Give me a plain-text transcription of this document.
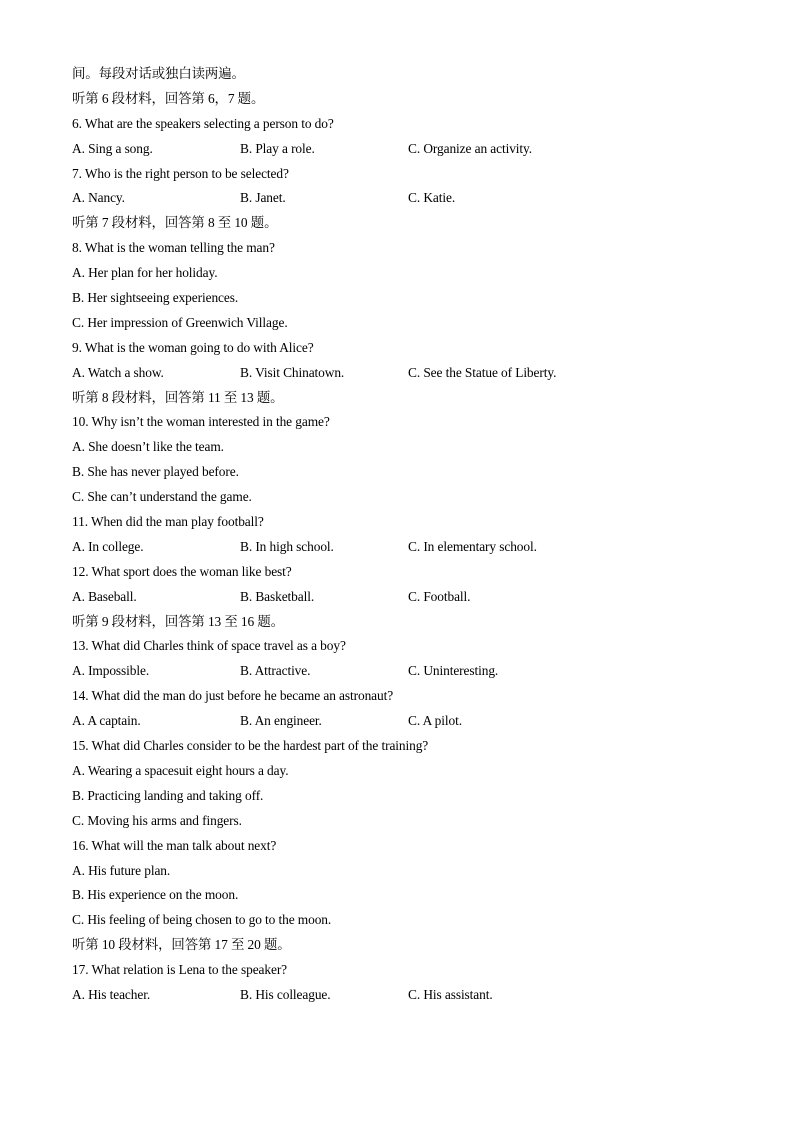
间。每段对话或独白读两遍。
听第 6 段材料，回答第 6，7 题。
6. What are the speakers selecting a person to do?
A. Sing a song.	B. Play a role.	C. Organize an activity.
7. Who is the right person to be selected?
A. Nancy.	B. Janet.	C. Katie.
听第 7 段材料，回答第 8 至 10 题。
8. What is the woman telling the man?
A. Her plan for her holiday.
B. Her sightseeing experiences.
C. Her impression of Greenwich Village.
9. What is the woman going to do with Alice?
A. Watch a show.	B. Visit Chinatown.	C. See the Statue of Liberty.
听第 8 段材料，回答第 11 至 13 题。
10. Why isn’t the woman interested in the game?
A. She doesn’t like the team.
B. She has never played before.
C. She can’t understand the game.
11. When did the man play football?
A. In college.	B. In high school.	C. In elementary school.
12. What sport does the woman like best?
A. Baseball.	B. Basketball.	C. Football.
听第 9 段材料，回答第 13 至 16 题。
13. What did Charles think of space travel as a boy?
A. Impossible.	B. Attractive.	C. Uninteresting.
14. What did the man do just before he became an astronaut?
A. A captain.	B. An engineer.	C. A pilot.
15. What did Charles consider to be the hardest part of the training?
A. Wearing a spacesuit eight hours a day.
B. Practicing landing and taking off.
C. Moving his arms and fingers.
16. What will the man talk about next?
A. His future plan.
B. His experience on the moon.
C. His feeling of being chosen to go to the moon.
听第 10 段材料，回答第 17 至 20 题。
17. What relation is Lena to the speaker?
A. His teacher.	B. His colleague.	C. His assistant.
